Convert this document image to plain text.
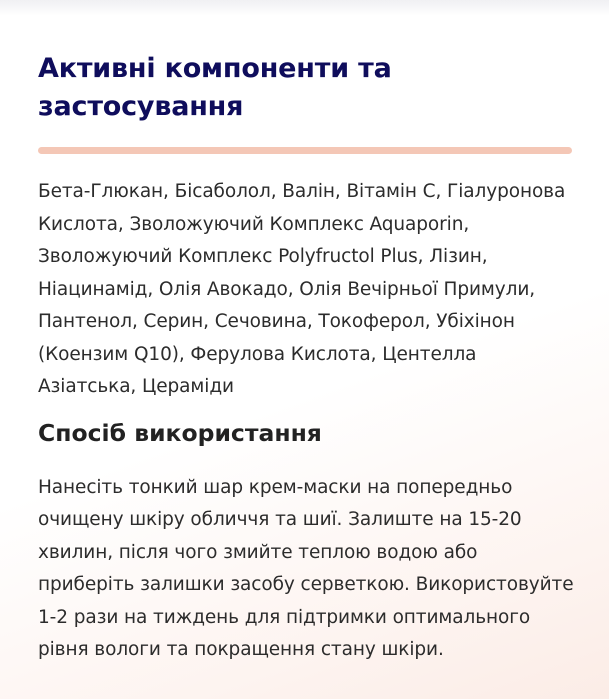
Активні компоненти та застосування

Бета-Глюкан, Бісаболол, Валін, Вітамін С, Гіалуронова Кислота, Зволожуючий Комплекс Aquaporin, Зволожуючий Комплекс Polyfructol Plus, Лізин, Ніацинамід, Олія Авокадо, Олія Вечірньої Примули, Пантенол, Серин, Сечовина, Токоферол, Убіхінон (Коензим Q10), Ферулова Кислота, Центелла Азіатська, Цераміди

Спосіб використання

Нанесіть тонкий шар крем-маски на попередньо очищену шкіру обличчя та шиї. Залиште на 15-20 хвилин, після чого змийте теплою водою або приберіть залишки засобу серветкою. Використовуйте 1-2 рази на тиждень для підтримки оптимального рівня вологи та покращення стану шкіри.
